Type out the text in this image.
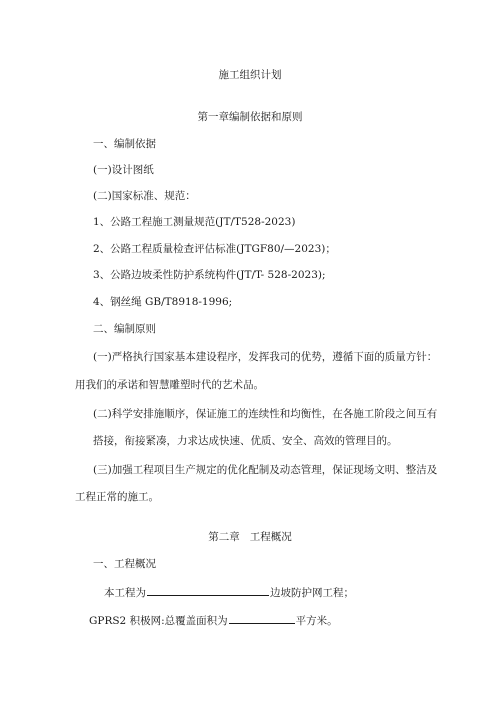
施工组织计划
第一章编制依据和原则
一、编制依据
(一)设计图纸
(二)国家标准、规范：
1、公路工程施工测量规范(JT/T528-2023)
2、公路工程质量检查评估标准(JTGF80/—2023)；
3、公路边坡柔性防护系统构件(JT/T- 528-2023);
4、钢丝绳 GB/T8918-1996;
二、编制原则
(一)严格执行国家基本建设程序，发挥我司的优势，遵循下面的质量方针：
用我们的承诺和智慧雕塑时代的艺术品。
(二)科学安排施顺序，保证施工的连续性和均衡性，在各施工阶段之间互有
搭接，衔接紧凑，力求达成快速、优质、安全、高效的管理目的。
(三)加强工程项目生产规定的优化配制及动态管理，保证现场文明、整洁及
工程正常的施工。
第二章   工程概况
一、工程概况
本工程为	边坡防护网工程；
GPRS2 积极网:总覆盖面积为	平方米。
